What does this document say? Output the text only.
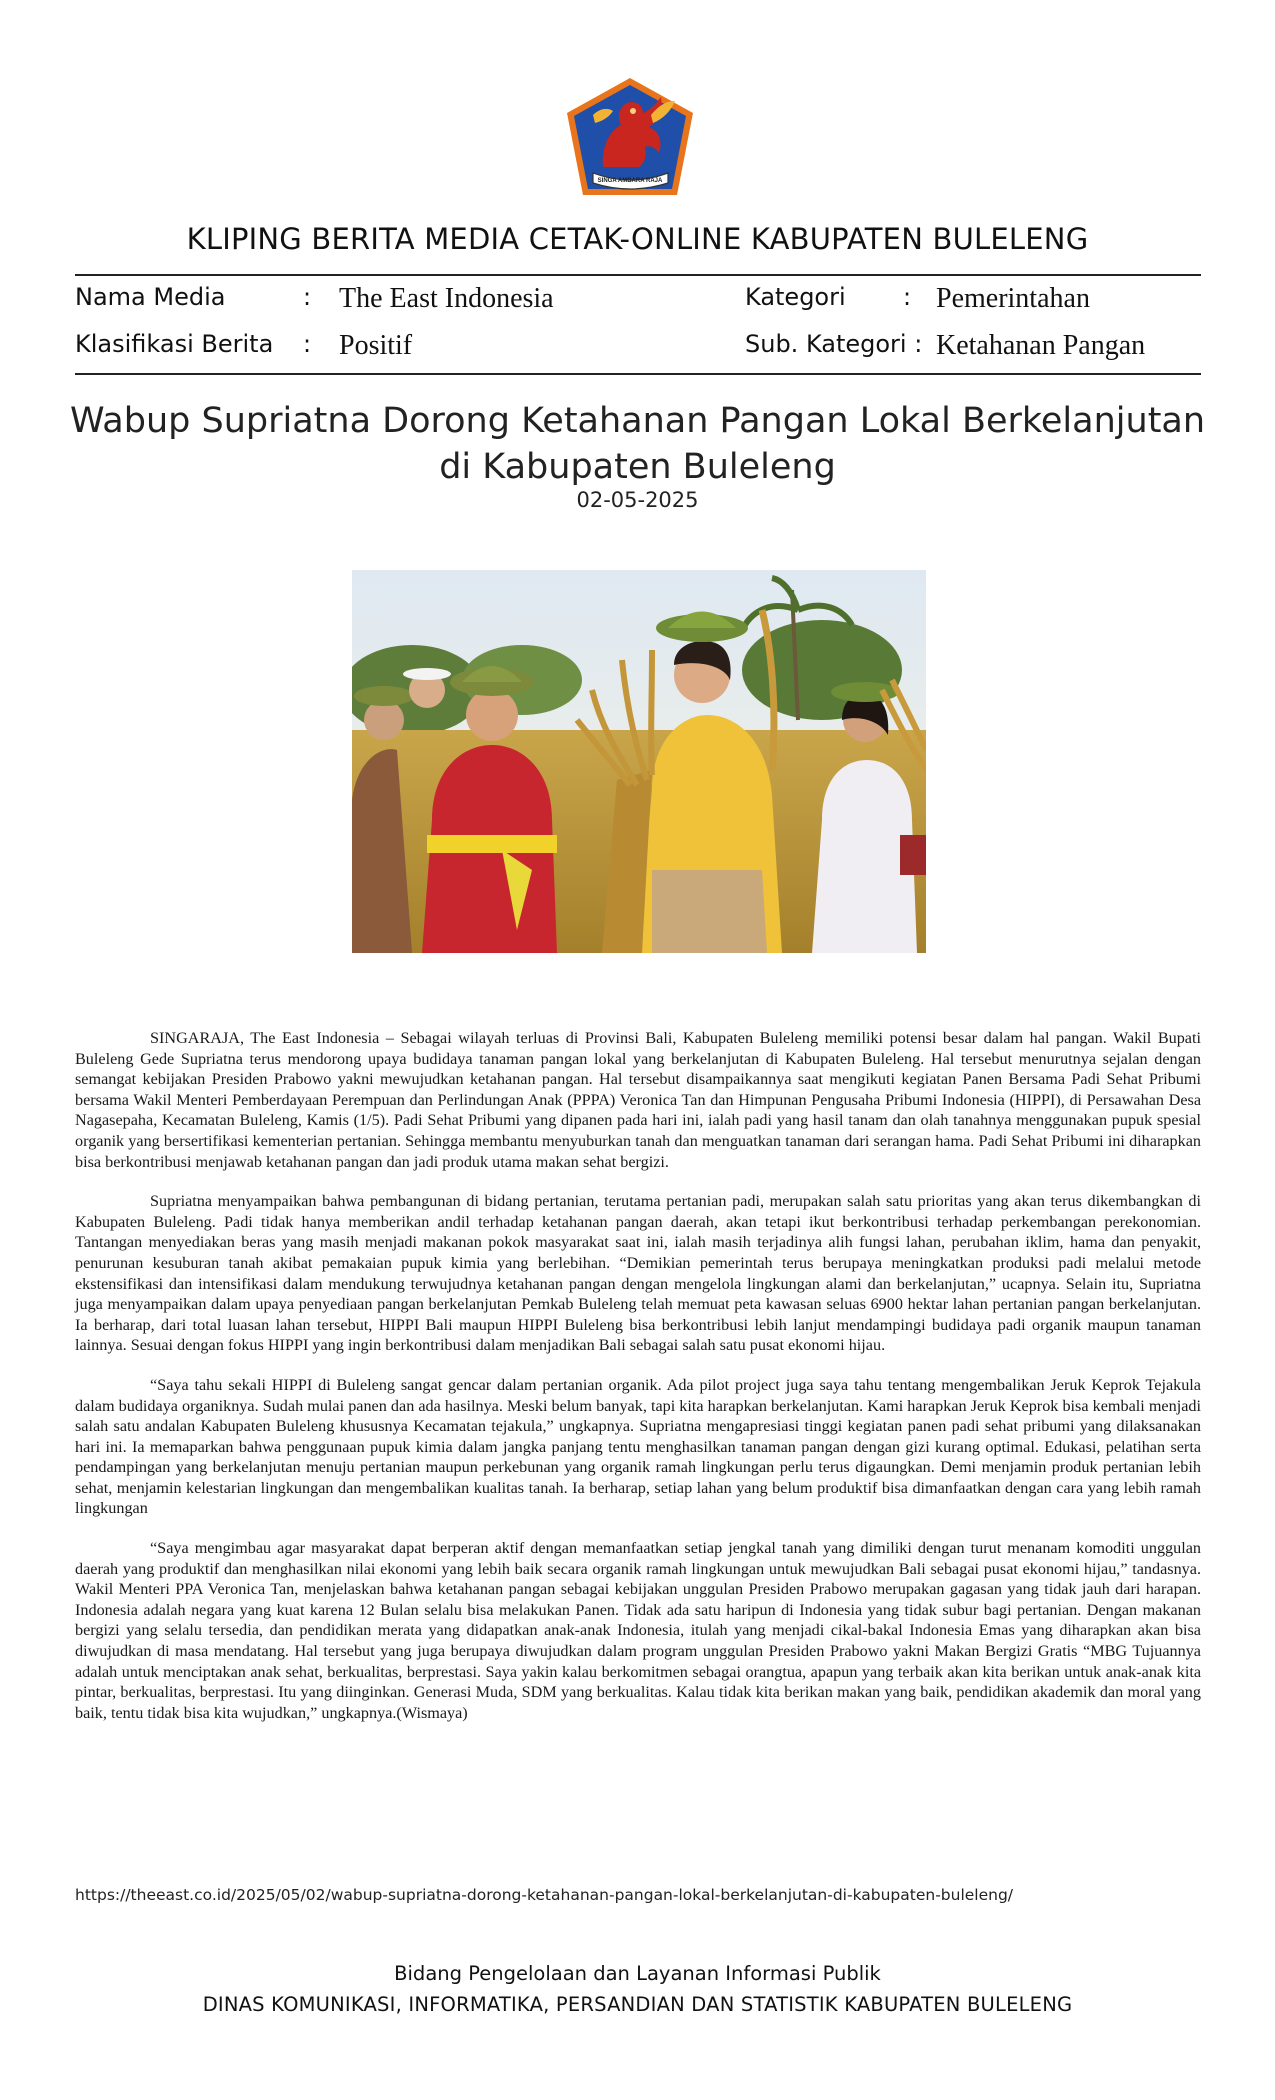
SINGA AMBARA RAJA
KLIPING BERITA MEDIA CETAK-ONLINE KABUPATEN BULELENG
Nama Media	: The East Indonesia	Kategori : Pemerintahan
Klasifikasi Berita : Positif	Sub. Kategori : Ketahanan Pangan
Wabup Supriatna Dorong Ketahanan Pangan Lokal Berkelanjutan
di Kabupaten Buleleng
02-05-2025

SINGARAJA, The East Indonesia – Sebagai wilayah terluas di Provinsi Bali, Kabupaten Buleleng memiliki potensi besar dalam hal pangan. Wakil Bupati Buleleng Gede Supriatna terus mendorong upaya budidaya tanaman pangan lokal yang berkelanjutan di Kabupaten Buleleng. Hal tersebut menurutnya sejalan dengan semangat kebijakan Presiden Prabowo yakni mewujudkan ketahanan pangan. Hal tersebut disampaikannya saat mengikuti kegiatan Panen Bersama Padi Sehat Pribumi bersama Wakil Menteri Pemberdayaan Perempuan dan Perlindungan Anak (PPPA) Veronica Tan dan Himpunan Pengusaha Pribumi Indonesia (HIPPI), di Persawahan Desa Nagasepaha, Kecamatan Buleleng, Kamis (1/5). Padi Sehat Pribumi yang dipanen pada hari ini, ialah padi yang hasil tanam dan olah tanahnya menggunakan pupuk spesial organik yang bersertifikasi kementerian pertanian. Sehingga membantu menyuburkan tanah dan menguatkan tanaman dari serangan hama. Padi Sehat Pribumi ini diharapkan bisa berkontribusi menjawab ketahanan pangan dan jadi produk utama makan sehat bergizi.

Supriatna menyampaikan bahwa pembangunan di bidang pertanian, terutama pertanian padi, merupakan salah satu prioritas yang akan terus dikembangkan di Kabupaten Buleleng. Padi tidak hanya memberikan andil terhadap ketahanan pangan daerah, akan tetapi ikut berkontribusi terhadap perkembangan perekonomian. Tantangan menyediakan beras yang masih menjadi makanan pokok masyarakat saat ini, ialah masih terjadinya alih fungsi lahan, perubahan iklim, hama dan penyakit, penurunan kesuburan tanah akibat pemakaian pupuk kimia yang berlebihan. “Demikian pemerintah terus berupaya meningkatkan produksi padi melalui metode ekstensifikasi dan intensifikasi dalam mendukung terwujudnya ketahanan pangan dengan mengelola lingkungan alami dan berkelanjutan,” ucapnya. Selain itu, Supriatna juga menyampaikan dalam upaya penyediaan pangan berkelanjutan Pemkab Buleleng telah memuat peta kawasan seluas 6900 hektar lahan pertanian pangan berkelanjutan. Ia berharap, dari total luasan lahan tersebut, HIPPI Bali maupun HIPPI Buleleng bisa berkontribusi lebih lanjut mendampingi budidaya padi organik maupun tanaman lainnya. Sesuai dengan fokus HIPPI yang ingin berkontribusi dalam menjadikan Bali sebagai salah satu pusat ekonomi hijau.

“Saya tahu sekali HIPPI di Buleleng sangat gencar dalam pertanian organik. Ada pilot project juga saya tahu tentang mengembalikan Jeruk Keprok Tejakula dalam budidaya organiknya. Sudah mulai panen dan ada hasilnya. Meski belum banyak, tapi kita harapkan berkelanjutan. Kami harapkan Jeruk Keprok bisa kembali menjadi salah satu andalan Kabupaten Buleleng khususnya Kecamatan tejakula,” ungkapnya. Supriatna mengapresiasi tinggi kegiatan panen padi sehat pribumi yang dilaksanakan hari ini. Ia memaparkan bahwa penggunaan pupuk kimia dalam jangka panjang tentu menghasilkan tanaman pangan dengan gizi kurang optimal. Edukasi, pelatihan serta pendampingan yang berkelanjutan menuju pertanian maupun perkebunan yang organik ramah lingkungan perlu terus digaungkan. Demi menjamin produk pertanian lebih sehat, menjamin kelestarian lingkungan dan mengembalikan kualitas tanah. Ia berharap, setiap lahan yang belum produktif bisa dimanfaatkan dengan cara yang lebih ramah lingkungan

“Saya mengimbau agar masyarakat dapat berperan aktif dengan memanfaatkan setiap jengkal tanah yang dimiliki dengan turut menanam komoditi unggulan daerah yang produktif dan menghasilkan nilai ekonomi yang lebih baik secara organik ramah lingkungan untuk mewujudkan Bali sebagai pusat ekonomi hijau,” tandasnya. Wakil Menteri PPA Veronica Tan, menjelaskan bahwa ketahanan pangan sebagai kebijakan unggulan Presiden Prabowo merupakan gagasan yang tidak jauh dari harapan. Indonesia adalah negara yang kuat karena 12 Bulan selalu bisa melakukan Panen. Tidak ada satu haripun di Indonesia yang tidak subur bagi pertanian. Dengan makanan bergizi yang selalu tersedia, dan pendidikan merata yang didapatkan anak-anak Indonesia, itulah yang menjadi cikal-bakal Indonesia Emas yang diharapkan akan bisa diwujudkan di masa mendatang. Hal tersebut yang juga berupaya diwujudkan dalam program unggulan Presiden Prabowo yakni Makan Bergizi Gratis “MBG Tujuannya adalah untuk menciptakan anak sehat, berkualitas, berprestasi. Saya yakin kalau berkomitmen sebagai orangtua, apapun yang terbaik akan kita berikan untuk anak-anak kita pintar, berkualitas, berprestasi. Itu yang diinginkan. Generasi Muda, SDM yang berkualitas. Kalau tidak kita berikan makan yang baik, pendidikan akademik dan moral yang baik, tentu tidak bisa kita wujudkan,” ungkapnya.(Wismaya)

https://theeast.co.id/2025/05/02/wabup-supriatna-dorong-ketahanan-pangan-lokal-berkelanjutan-di-kabupaten-buleleng/
Bidang Pengelolaan dan Layanan Informasi Publik
DINAS KOMUNIKASI, INFORMATIKA, PERSANDIAN DAN STATISTIK KABUPATEN BULELENG
